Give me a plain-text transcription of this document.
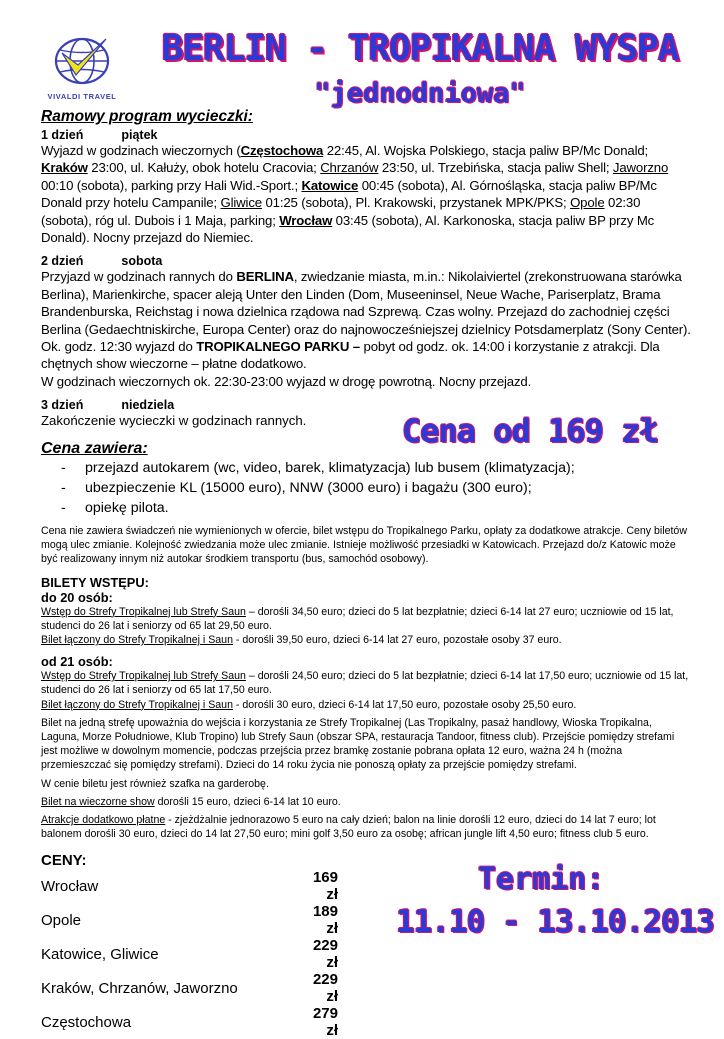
VIVALDI TRAVEL
BERLIN - TROPIKALNA WYSPA
"jednodniowa"
Ramowy program wycieczki:
1 dzień	piątek

Wyjazd w godzinach wieczornych (Częstochowa 22:45, Al. Wojska Polskiego, stacja paliw BP/Mc Donald; Kraków 23:00, ul. Kałuży, obok hotelu Cracovia; Chrzanów 23:50, ul. Trzebińska, stacja paliw Shell; Jaworzno 00:10 (sobota), parking przy Hali Wid.-Sport.; Katowice 00:45 (sobota), Al. Górnośląska, stacja paliw BP/Mc Donald przy hotelu Campanile; Gliwice 01:25 (sobota), Pl. Krakowski, przystanek MPK/PKS; Opole 02:30 (sobota), róg ul. Dubois i 1 Maja, parking; Wrocław 03:45 (sobota), Al. Karkonoska, stacja paliw BP przy Mc Donald). Nocny przejazd do Niemiec.

2 dzień	sobota

Przyjazd w godzinach rannych do BERLINA, zwiedzanie miasta, m.in.: Nikolaiviertel (zrekonstruowana starówka Berlina), Marienkirche, spacer aleją Unter den Linden (Dom, Museeninsel, Neue Wache, Pariserplatz, Brama Brandenburska, Reichstag i nowa dzielnica rządowa nad Szprewą. Czas wolny. Przejazd do zachodniej części Berlina (Gedaechtniskirche, Europa Center) oraz do najnowocześniejszej dzielnicy Potsdamerplatz (Sony Center).

Ok. godz. 12:30 wyjazd do TROPIKALNEGO PARKU – pobyt od godz. ok. 14:00 i korzystanie z atrakcji. Dla chętnych show wieczorne – płatne dodatkowo.

W godzinach wieczornych ok. 22:30-23:00 wyjazd w drogę powrotną. Nocny przejazd.

3 dzień	niedziela

Zakończenie wycieczki w godzinach rannych.	Cena od 169 zł
Cena zawiera:
- przejazd autokarem (wc, video, barek, klimatyzacja) lub busem (klimatyzacja);
- ubezpieczenie KL (15000 euro), NNW (3000 euro) i bagażu (300 euro);
- opiekę pilota.

Cena nie zawiera świadczeń nie wymienionych w ofercie, bilet wstępu do Tropikalnego Parku, opłaty za dodatkowe atrakcje. Ceny biletów mogą ulec zmianie. Kolejność zwiedzania może ulec zmianie. Istnieje możliwość przesiadki w Katowicach. Przejazd do/z Katowic może być realizowany innym niż autokar środkiem transportu (bus, samochód osobowy).

BILETY WSTĘPU:
do 20 osób:

Wstęp do Strefy Tropikalnej lub Strefy Saun – dorośli 34,50 euro; dzieci do 5 lat bezpłatnie; dzieci 6-14 lat 27 euro; uczniowie od 15 lat, studenci do 26 lat i seniorzy od 65 lat 29,50 euro.

Bilet łączony do Strefy Tropikalnej i Saun - dorośli 39,50 euro, dzieci 6-14 lat 27 euro, pozostałe osoby 37 euro.

od 21 osób:

Wstęp do Strefy Tropikalnej lub Strefy Saun – dorośli 24,50 euro; dzieci do 5 lat bezpłatnie; dzieci 6-14 lat 17,50 euro; uczniowie od 15 lat, studenci do 26 lat i seniorzy od 65 lat 17,50 euro.

Bilet łączony do Strefy Tropikalnej i Saun - dorośli 30 euro, dzieci 6-14 lat 17,50 euro, pozostałe osoby 25,50 euro.

Bilet na jedną strefę upoważnia do wejścia i korzystania ze Strefy Tropikalnej (Las Tropikalny, pasaż handlowy, Wioska Tropikalna, Laguna, Morze Południowe, Klub Tropino) lub Strefy Saun (obszar SPA, restauracja Tandoor, fitness club). Przejście pomiędzy strefami jest możliwe w dowolnym momencie, podczas przejścia przez bramkę zostanie pobrana opłata 12 euro, ważna 24 h (można przemieszczać się pomiędzy strefami). Dzieci do 14 roku życia nie ponoszą opłaty za przejście pomiędzy strefami.

W cenie biletu jest również szafka na garderobę.

Bilet na wieczorne show dorośli 15 euro, dzieci 6-14 lat 10 euro.

Atrakcje dodatkowo płatne - zjeżdżalnie jednorazowo 5 euro na cały dzień; balon na linie dorośli 12 euro, dzieci do 14 lat 7 euro; lot balonem dorośli 30 euro, dzieci do 14 lat 27,50 euro; mini golf 3,50 euro za osobę; african jungle lift 4,50 euro; fitness club 5 euro.

CENY:
Wrocław	169 zł
Opole	189 zł
Katowice, Gliwice	229 zł
Kraków, Chrzanów, Jaworzno	229 zł
Częstochowa	279 zł
Termin:
11.10 - 13.10.2013
